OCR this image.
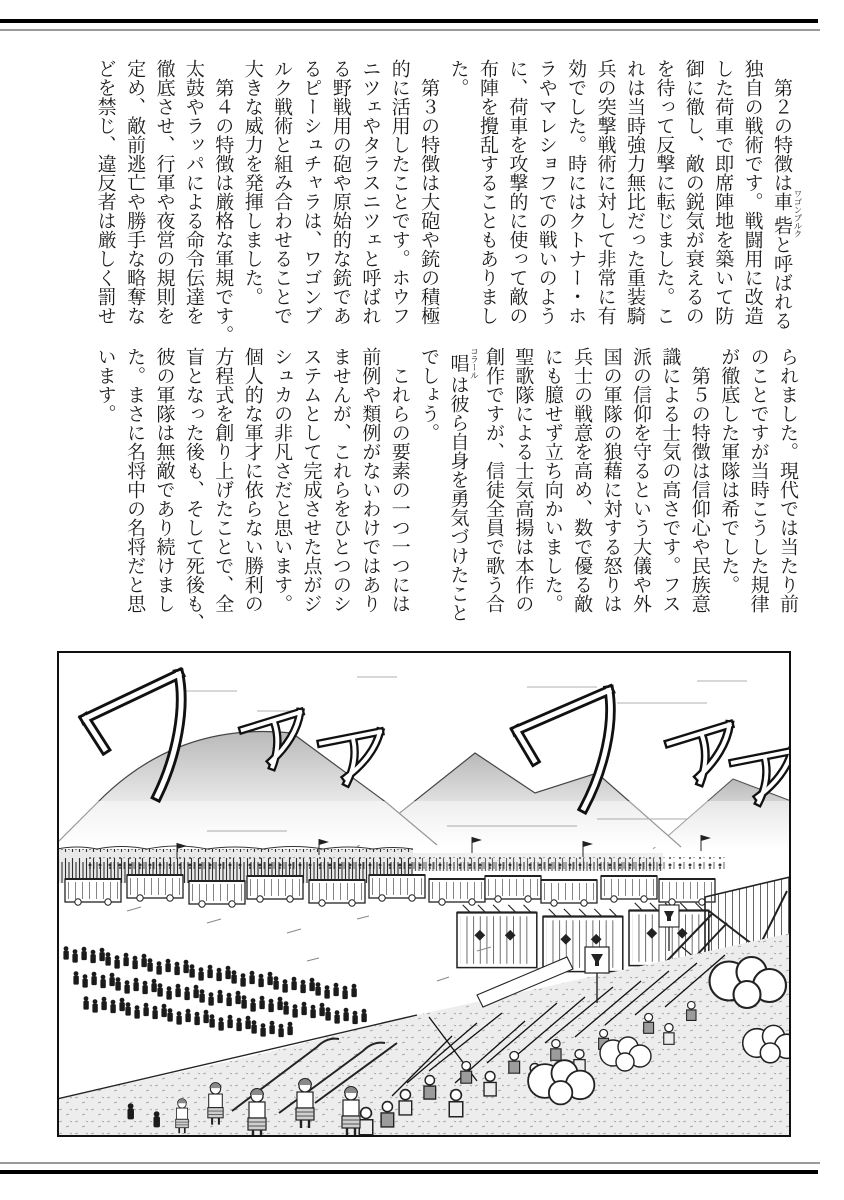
　第２の特徴は車砦 ワゴンブルクと呼ばれる
独自の戦術です。戦闘用に改造
した荷車で即席陣地を築いて防
御に徹し、敵の鋭気が衰えるの
を待って反撃に転じました。こ
れは当時強力無比だった重装騎
兵の突撃戦術に対して非常に有
効でした。時にはクトナー・ホ
ラやマレショフでの戦いのよう
に、荷車を攻撃的に使って敵の
布陣を攪乱することもありまし
た。
　第３の特徴は大砲や銃の積極
的に活用したことです。ホウフ
ニツェやタラスニツェと呼ばれ
る野戦用の砲や原始的な銃であ
るピーシュチャラは、ワゴンブ
ルク戦術と組み合わせることで
大きな威力を発揮しました。
　第４の特徴は厳格な軍規です。
太鼓やラッパによる命令伝達を
徹底させ、行軍や夜営の規則を
定め、敵前逃亡や勝手な略奪な
どを禁じ、違反者は厳しく罰せ
られました。現代では当たり前
のことですが当時こうした規律
が徹底した軍隊は希でした。
　第５の特徴は信仰心や民族意
識による士気の高さです。フス
派の信仰を守るという大儀や外
国の軍隊の狼藉に対する怒りは
兵士の戦意を高め、数で優る敵
にも臆せず立ち向かいました。
聖歌隊による士気高揚は本作の
創作ですが、信徒全員で歌う合
唱 コラールは彼ら自身を勇気づけたこと
でしょう。
　これらの要素の一つ一つには
前例や類例がないわけではあり
ませんが、これらをひとつのシ
ステムとして完成させた点がジ
シュカの非凡さだと思います。
個人的な軍才に依らない勝利の
方程式を創り上げたことで、全
盲となった後も、そして死後も、
彼の軍隊は無敵であり続けまし
た。まさに名将中の名将だと思
います。
